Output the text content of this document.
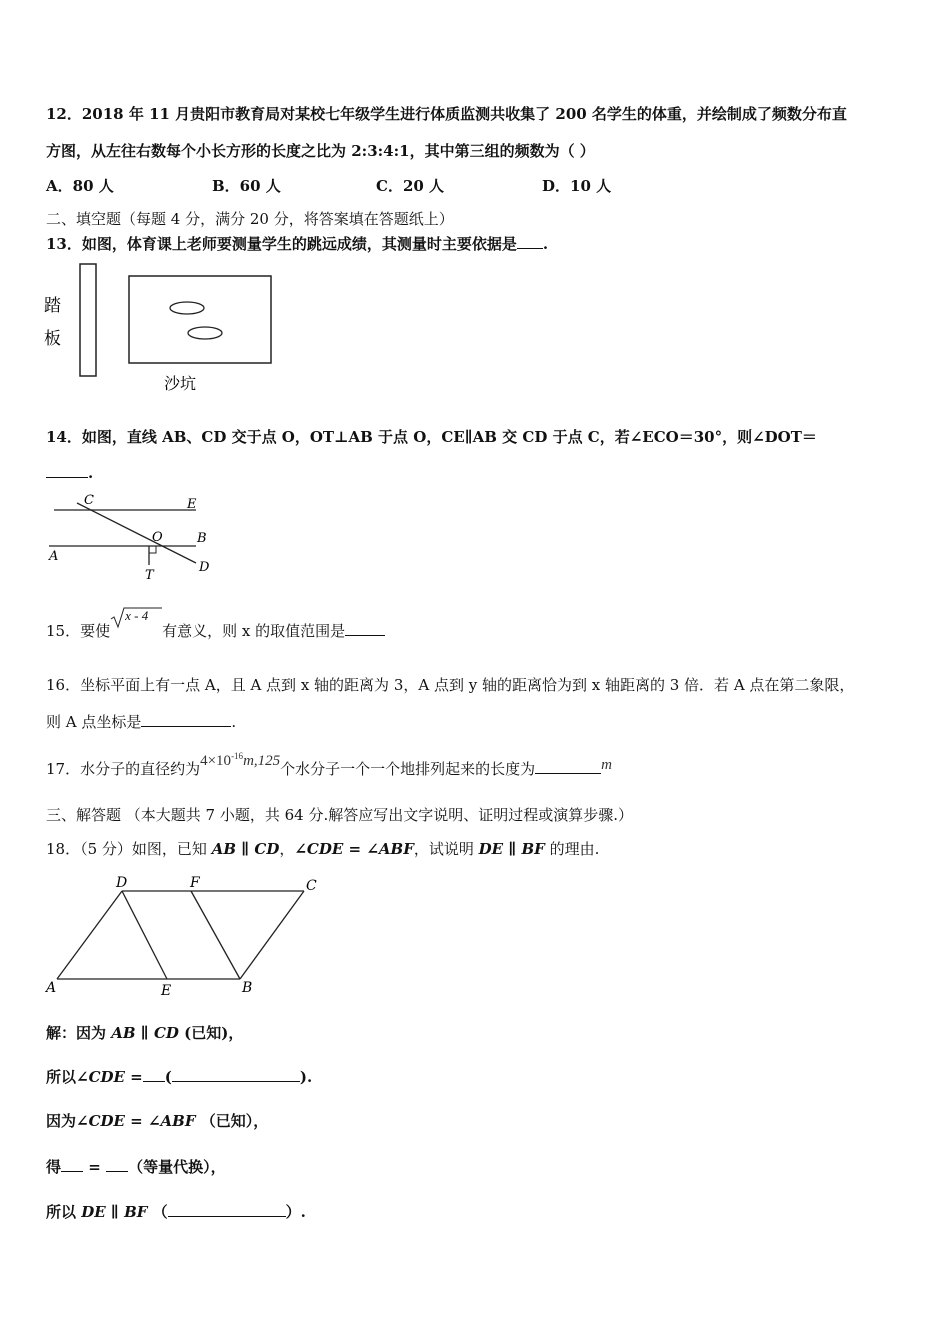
12．2018 年 11 月贵阳市教育局对某校七年级学生进行体质监测共收集了 200 名学生的体重，并绘制成了频数分布直
方图，从左往右数每个小长方形的长度之比为 2:3:4:1，其中第三组的频数为（ ）
A．80 人	B．60 人	C．20 人	D．10 人
二、填空题（每题 4 分，满分 20 分，将答案填在答题纸上）
13．如图，体育课上老师要测量学生的跳远成绩，其测量时主要依据是 .
踏
板
沙坑
14．如图，直线 AB、CD 交于点 O，OT⊥AB 于点 O，CE∥AB 交 CD 于点 C，若∠ECO＝30°，则∠DOT＝
.
C	E
O	B
A
T
D
15．要使
x - 4
有意义，则 x 的取值范围是
16．坐标平面上有一点 A，且 A 点到 x 轴的距离为 3，A 点到 y 轴的距离恰为到 x 轴距离的 3 倍．若 A 点在第二象限，
则 A 点坐标是	.
17．水分子的直径约为$4\times 10^{-16}m,125$个水分子一个一个地排列起来的长度为	m
三、解答题 （本大题共 7 小题，共 64 分.解答应写出文字说明、证明过程或演算步骤.）
18．（5 分）如图，已知 AB ∥ CD，∠CDE = ∠ABF，试说明 DE ∥ BF 的理由.
D	F	C
A	E	B
解：因为 AB ∥ CD (已知)，
所以∠CDE = (	).
因为∠CDE = ∠ABF （已知），
得 = （等量代换），
所以 DE ∥ BF （	）.
